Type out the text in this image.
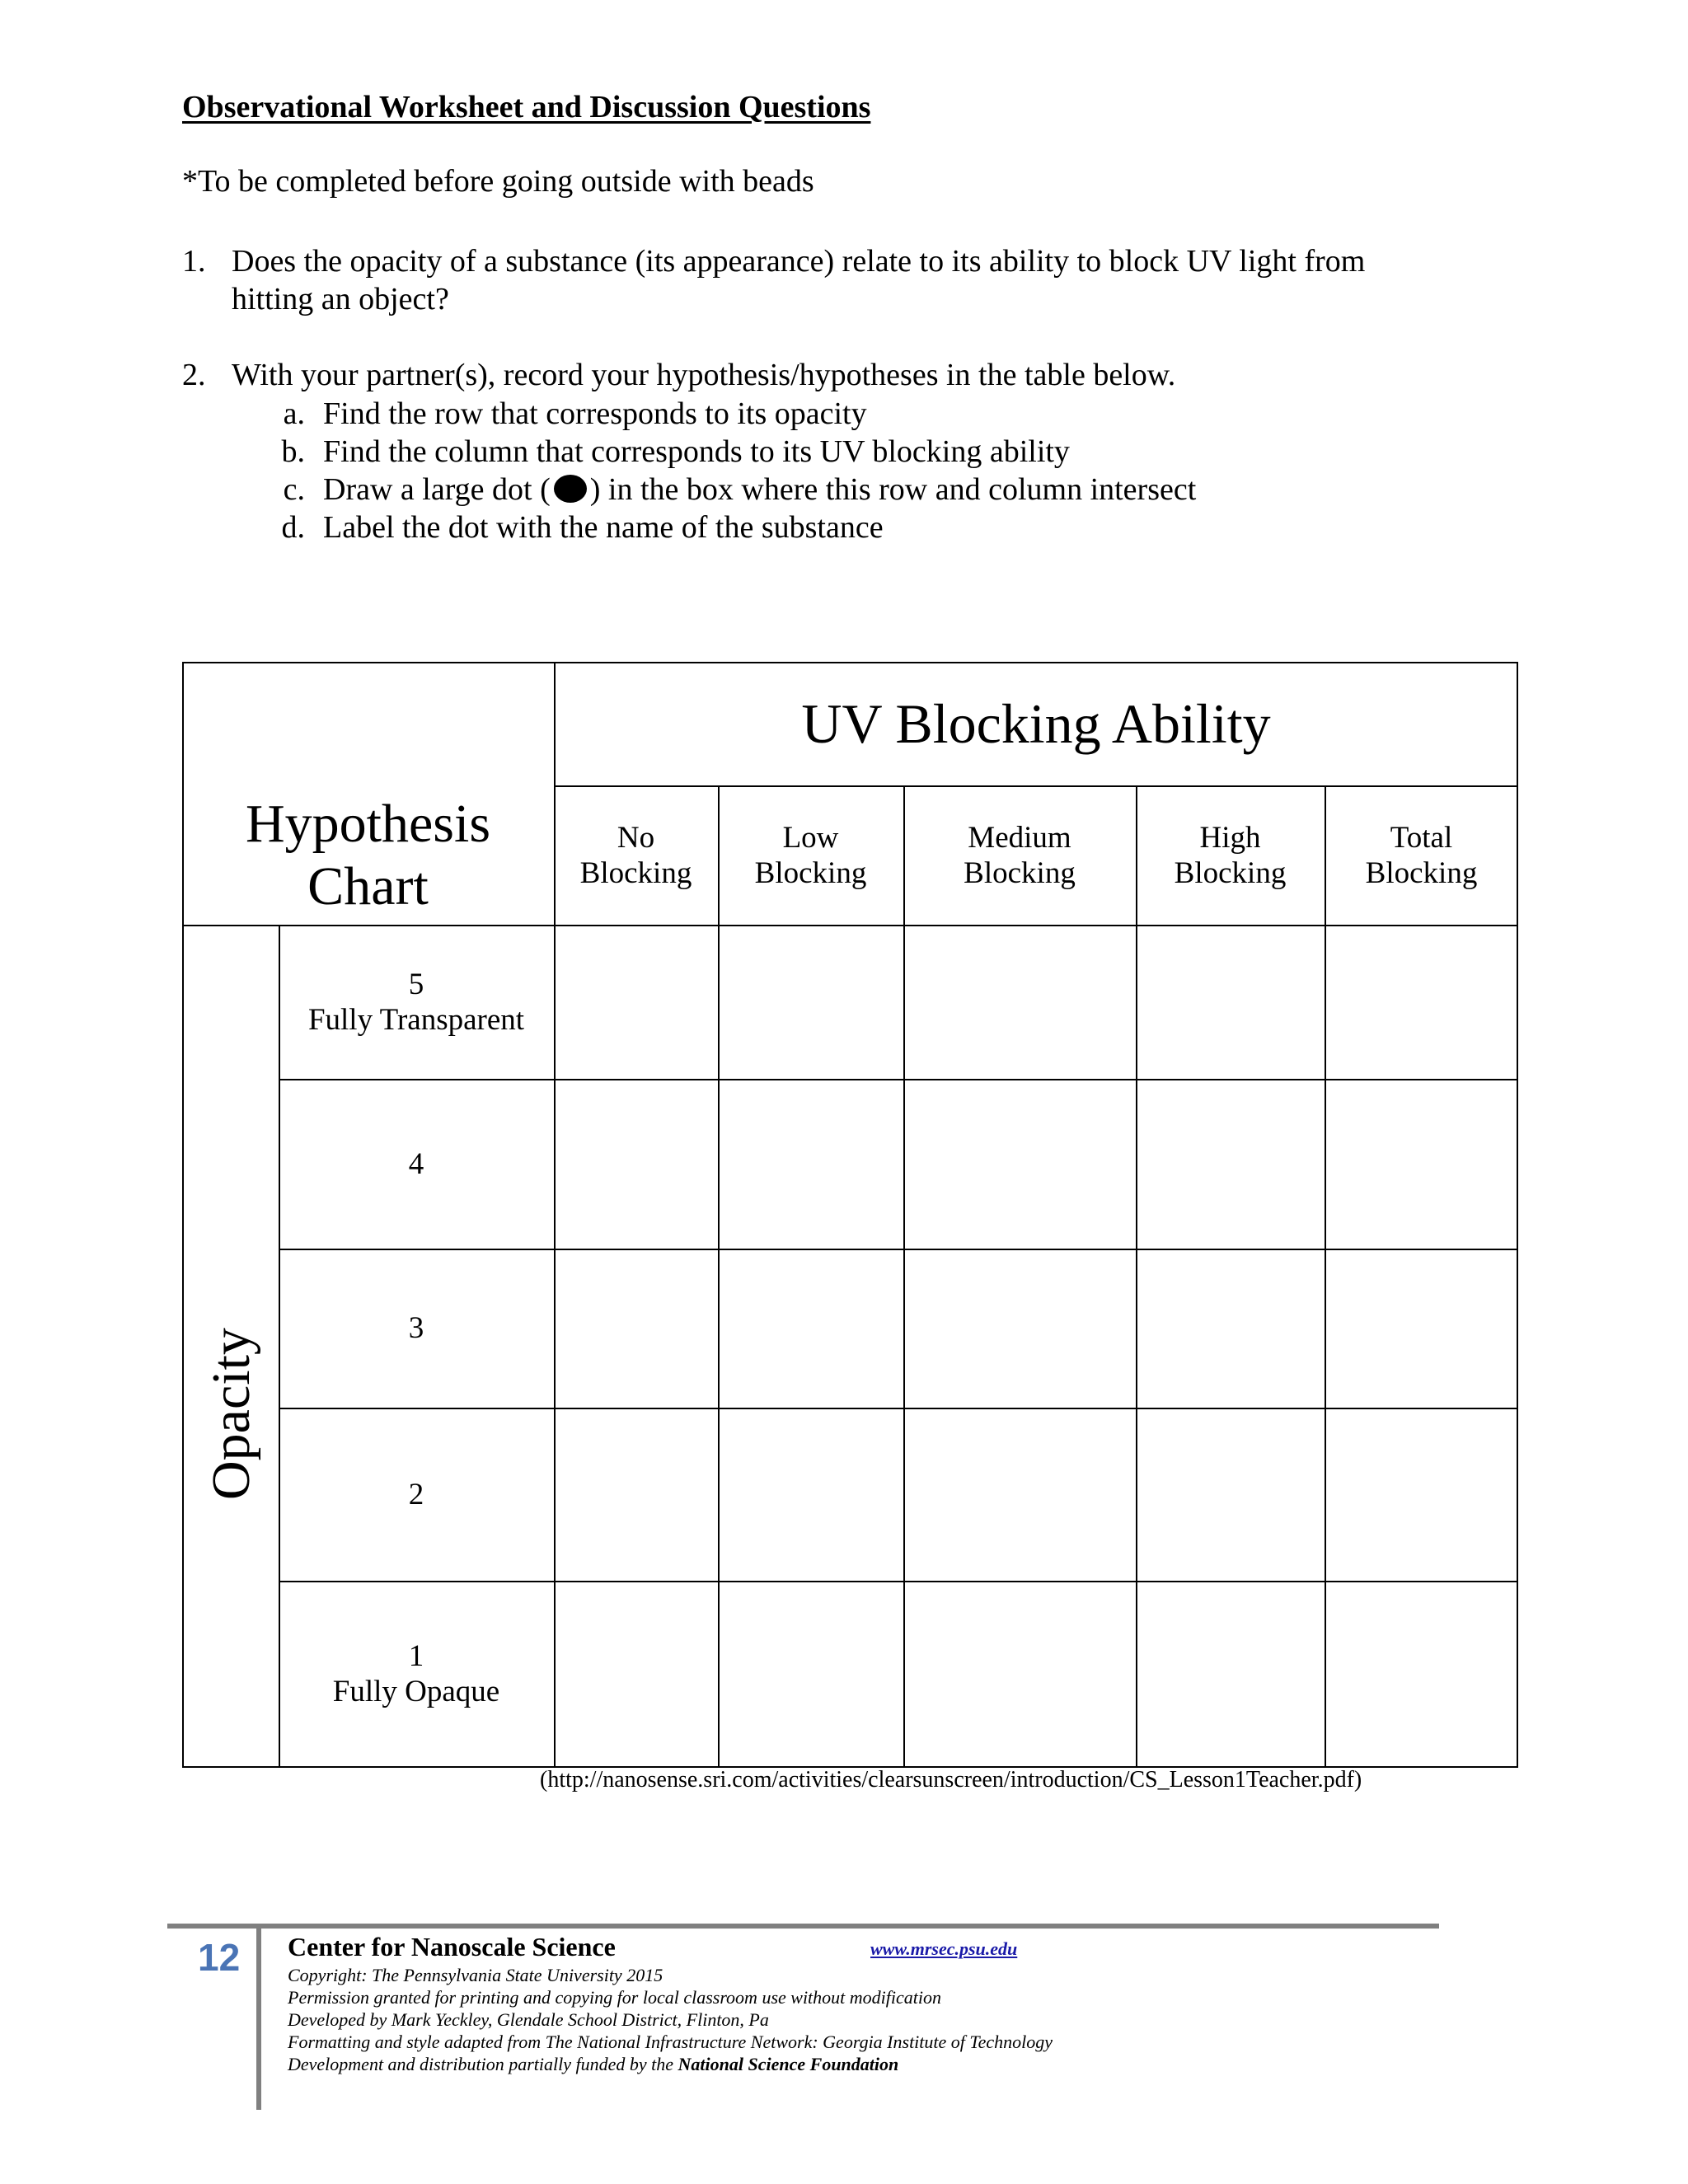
Observational Worksheet and Discussion Questions
*To be completed before going outside with beads
1. Does the opacity of a substance (its appearance) relate to its ability to block UV light from hitting an object?
2. With your partner(s), record your hypothesis/hypotheses in the table below.
a. Find the row that corresponds to its opacity
b. Find the column that corresponds to its UV blocking ability
c. Draw a large dot ( ) in the box where this row and column intersect
d. Label the dot with the name of the substance
Hypothesis
Chart
UV Blocking Ability
No
Blocking
Low
Blocking
Medium
Blocking
High
Blocking
Total
Blocking
Opacity
5
Fully Transparent
4
3
2
1
Fully Opaque
(http://nanosense.sri.com/activities/clearsunscreen/introduction/CS_Lesson1Teacher.pdf)
12 Center for Nanoscale Science	www.mrsec.psu.edu
Copyright: The Pennsylvania State University 2015
Permission granted for printing and copying for local classroom use without modification
Developed by Mark Yeckley, Glendale School District, Flinton, Pa
Formatting and style adapted from The National Infrastructure Network: Georgia Institute of Technology
Development and distribution partially funded by the National Science Foundation
